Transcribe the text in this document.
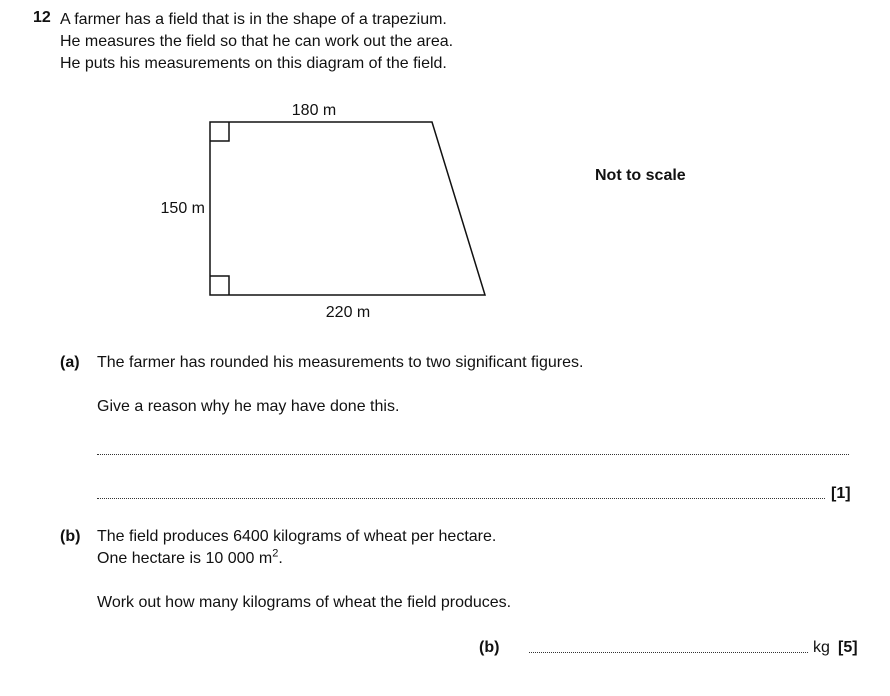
12 A farmer has a field that is in the shape of a trapezium.
He measures the field so that he can work out the area.
He puts his measurements on this diagram of the field.
180 m
150 m
220 m
Not to scale
(a) The farmer has rounded his measurements to two significant figures.
Give a reason why he may have done this.
[1]
(b) The field produces 6400 kilograms of wheat per hectare.
One hectare is 10 000 $m^2$.
Work out how many kilograms of wheat the field produces.
(b)	kg [5]
